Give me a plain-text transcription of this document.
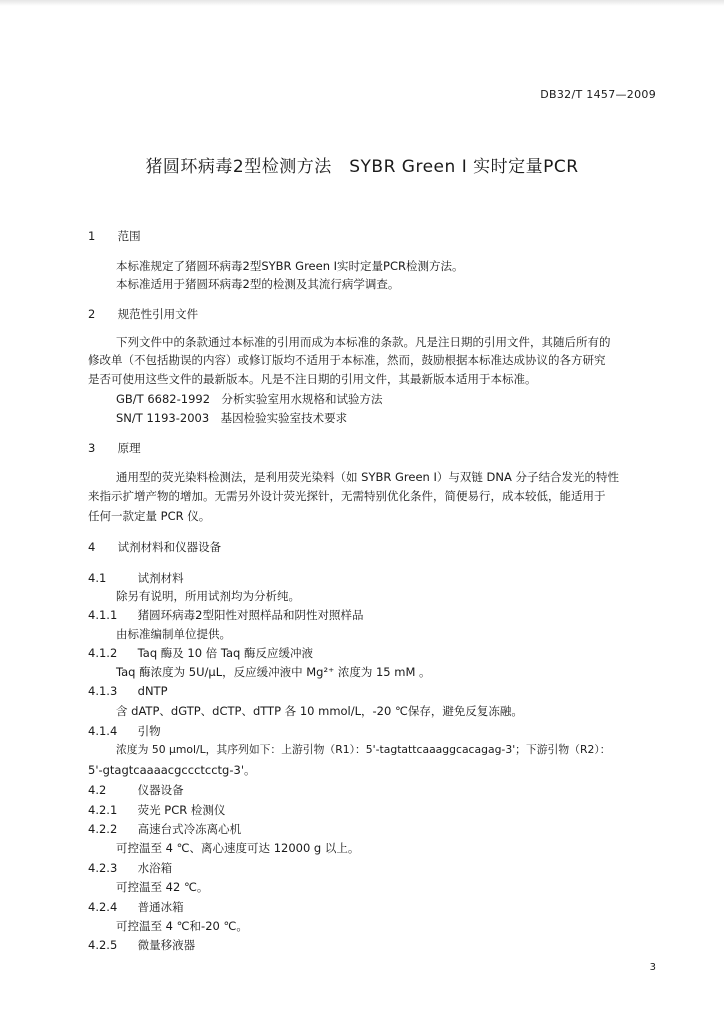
DB32/T 1457—2009
猪圆环病毒2型检测方法　SYBR Green Ⅰ 实时定量PCR
1 范围
本标准规定了猪圆环病毒2型SYBR Green Ⅰ实时定量PCR检测方法。
本标准适用于猪圆环病毒2型的检测及其流行病学调查。
2 规范性引用文件
下列文件中的条款通过本标准的引用而成为本标准的条款。凡是注日期的引用文件，其随后所有的
修改单（不包括勘误的内容）或修订版均不适用于本标准，然而，鼓励根据本标准达成协议的各方研究
是否可使用这些文件的最新版本。凡是不注日期的引用文件，其最新版本适用于本标准。
GB/T 6682-1992　分析实验室用水规格和试验方法
SN/T 1193-2003　基因检验实验室技术要求
3 原理
通用型的荧光染料检测法，是利用荧光染料（如 SYBR Green Ⅰ）与双链 DNA 分子结合发光的特性
来指示扩增产物的增加。无需另外设计荧光探针，无需特别优化条件，简便易行，成本较低，能适用于
任何一款定量 PCR 仪。
4 试剂材料和仪器设备
4.1	试剂材料
除另有说明，所用试剂均为分析纯。
4.1.1 猪圆环病毒2型阳性对照样品和阴性对照样品
由标准编制单位提供。
4.1.2 Taq 酶及 10 倍 Taq 酶反应缓冲液
Taq 酶浓度为 5U/μL，反应缓冲液中 Mg²⁺ 浓度为 15 mM 。
4.1.3 dNTP
含 dATP、dGTP、dCTP、dTTP 各 10 mmol/L，-20 ℃保存，避免反复冻融。
4.1.4 引物
浓度为 50 μmol/L，其序列如下：上游引物（R1）：5'-tagtattcaaaggcacagag-3'；下游引物（R2）：
5'-gtagtcaaaacgccctcctg-3'。
4.2	仪器设备
4.2.1 荧光 PCR 检测仪
4.2.2 高速台式冷冻离心机
可控温至 4 ℃、离心速度可达 12000 g 以上。
4.2.3 水浴箱
可控温至 42 ℃。
4.2.4 普通冰箱
可控温至 4 ℃和-20 ℃。
4.2.5 微量移液器
3
